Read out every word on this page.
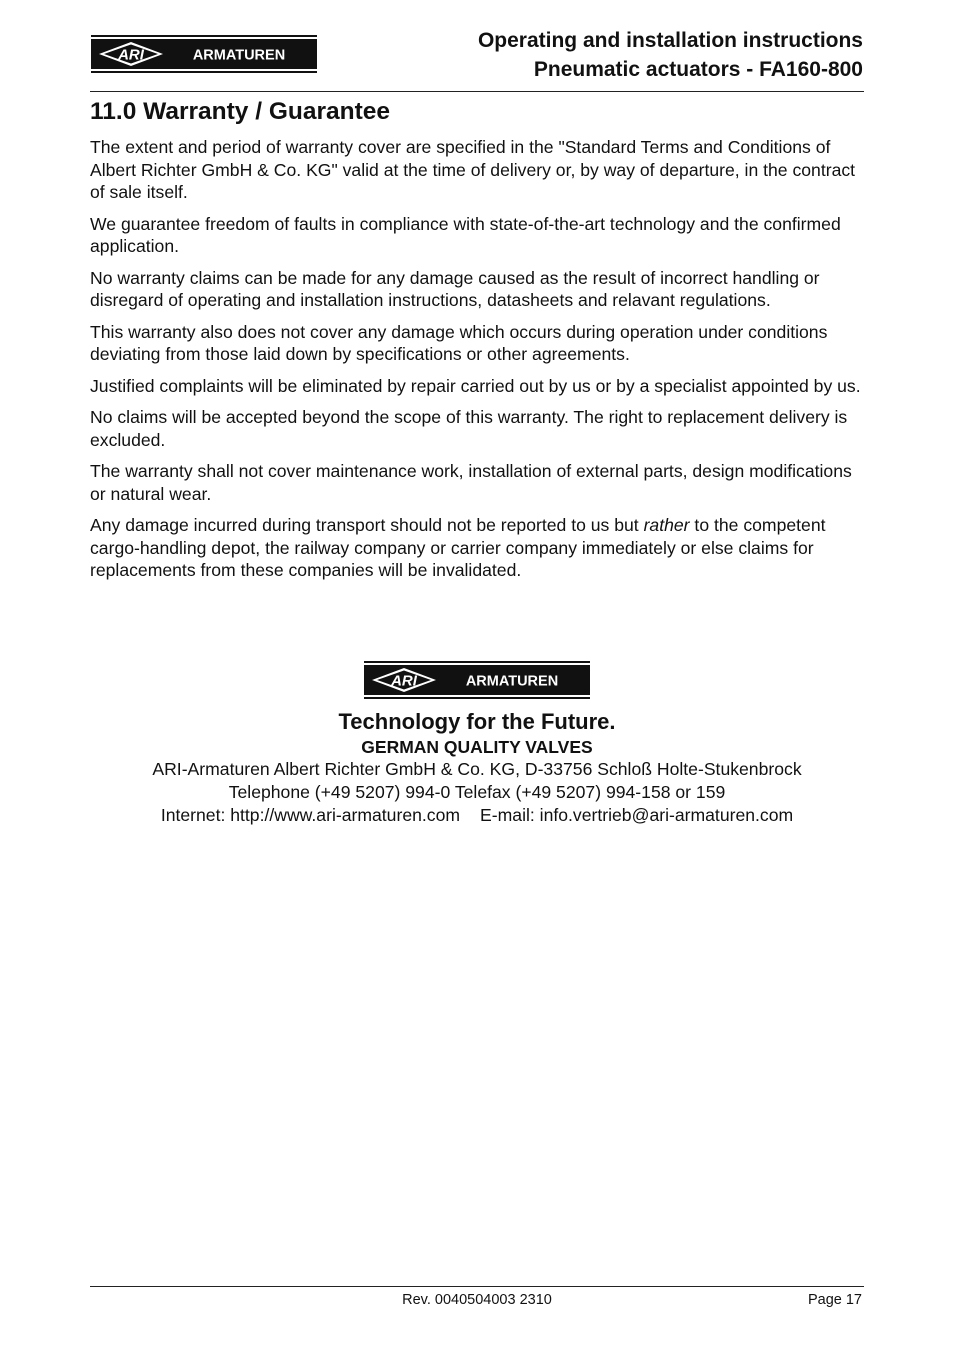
ARI	ARMATUREN
Operating and installation instructions
Pneumatic actuators - FA160-800
11.0 Warranty / Guarantee

The extent and period of warranty cover are specified in the "Standard Terms and Conditions of Albert Richter GmbH & Co. KG" valid at the time of delivery or, by way of departure, in the contract of sale itself.

We guarantee freedom of faults in compliance with state-of-the-art technology and the confirmed application.

No warranty claims can be made for any damage caused as the result of incorrect handling or disregard of operating and installation instructions, datasheets and relavant regulations.

This warranty also does not cover any damage which occurs during operation under conditions deviating from those laid down by specifications or other agreements.

Justified complaints will be eliminated by repair carried out by us or by a specialist appointed by us.

No claims will be accepted beyond the scope of this warranty. The right to replacement delivery is excluded.

The warranty shall not cover maintenance work, installation of external parts, design modifications or natural wear.

Any damage incurred during transport should not be reported to us but rather to the competent cargo-handling depot, the railway company or carrier company immediately or else claims for replacements from these companies will be invalidated.

ARI	ARMATUREN
Technology for the Future.
GERMAN QUALITY VALVES
ARI-Armaturen Albert Richter GmbH & Co. KG, D-33756 Schloß Holte-Stukenbrock
Telephone (+49 5207) 994-0 Telefax (+49 5207) 994-158 or 159
Internet: http://www.ari-armaturen.com E-mail: info.vertrieb@ari-armaturen.com
Rev. 0040504003 2310	Page 17
